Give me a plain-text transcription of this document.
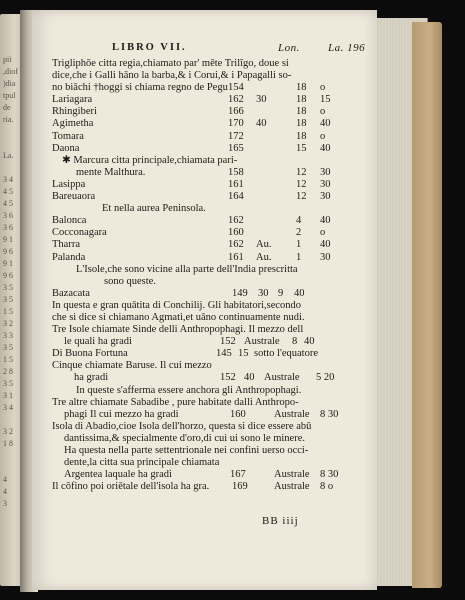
pii
,diof
)dia
tpul
de
ria.

La.

3 4
4 5
4 5
3 6
3 6
9 1
9 6
9 1
9 6
3 5
3 5
1 5
3 2
3 3
3 5
1 5
2 8
3 5
3 1
3 4

3 2
1 8

4
4
3
LIBRO VII.	Lon.	La. 196
Trigliphōe citta regia,chiamato par' mēte Trilīgo, doue si
dice,che i Galli hāno la barba,& i Corui,& i Papagalli so-
no biāchi †hoggi si chiama regno de Pegu 154	18 o
Lariagara	162 30	18 15
Rhingiberi	166	18 o
Agimetha	170 40	18 40
Tomara	172	18 o
Daona	165	15 40
✱ Marcura citta principale,chiamata pari-
mente Malthura.	158	12 30
Lasippa	161	12 30
Bareuaora	164	12 30
Et nella aurea Peninsola.
Balonca	162	4 40
Cocconagara	160	2 o
Tharra	162 Au. 1 40
Palanda	161 Au. 1 30
L'Isole,che sono vicine alla parte dell'India prescritta
sono queste.
Bazacata	149 30 9 40
In questa e gran quātita di Conchilij. Gli habitatori,secondo
che si dice si chiamano Agmati,et uāno continuamente nudi.
Tre Isole chiamate Sinde delli Anthropophagi. Il mezzo dell
le quali ha gradi	152 Australe 8 40
Di Buona Fortuna	145 15 sotto l'equatore
Cinque chiamate Baruse. Il cui mezzo
ha gradi	152 40 Australe 5 20
In queste s'afferma essere anchora gli Anthropophagi.
Tre altre chiamate Sabadibe , pure habitate dalli Anthropo-
phagi Il cui mezzo ha gradi	160	Australe 8 30
Isola di Abadio,cioe Isola dell'horzo, questa si dice essere abū
dantissima,& specialmente d'oro,di cui ui sono le minere.
Ha questa nella parte settentrionale nei confini uerso occi-
dente,la citta sua principale chiamata
Argentea laquale ha gradi	167	Australe 8 30
Il cōfino poi oriētale dell'isola ha gra. 169	Australe 8 o
BB iiij
